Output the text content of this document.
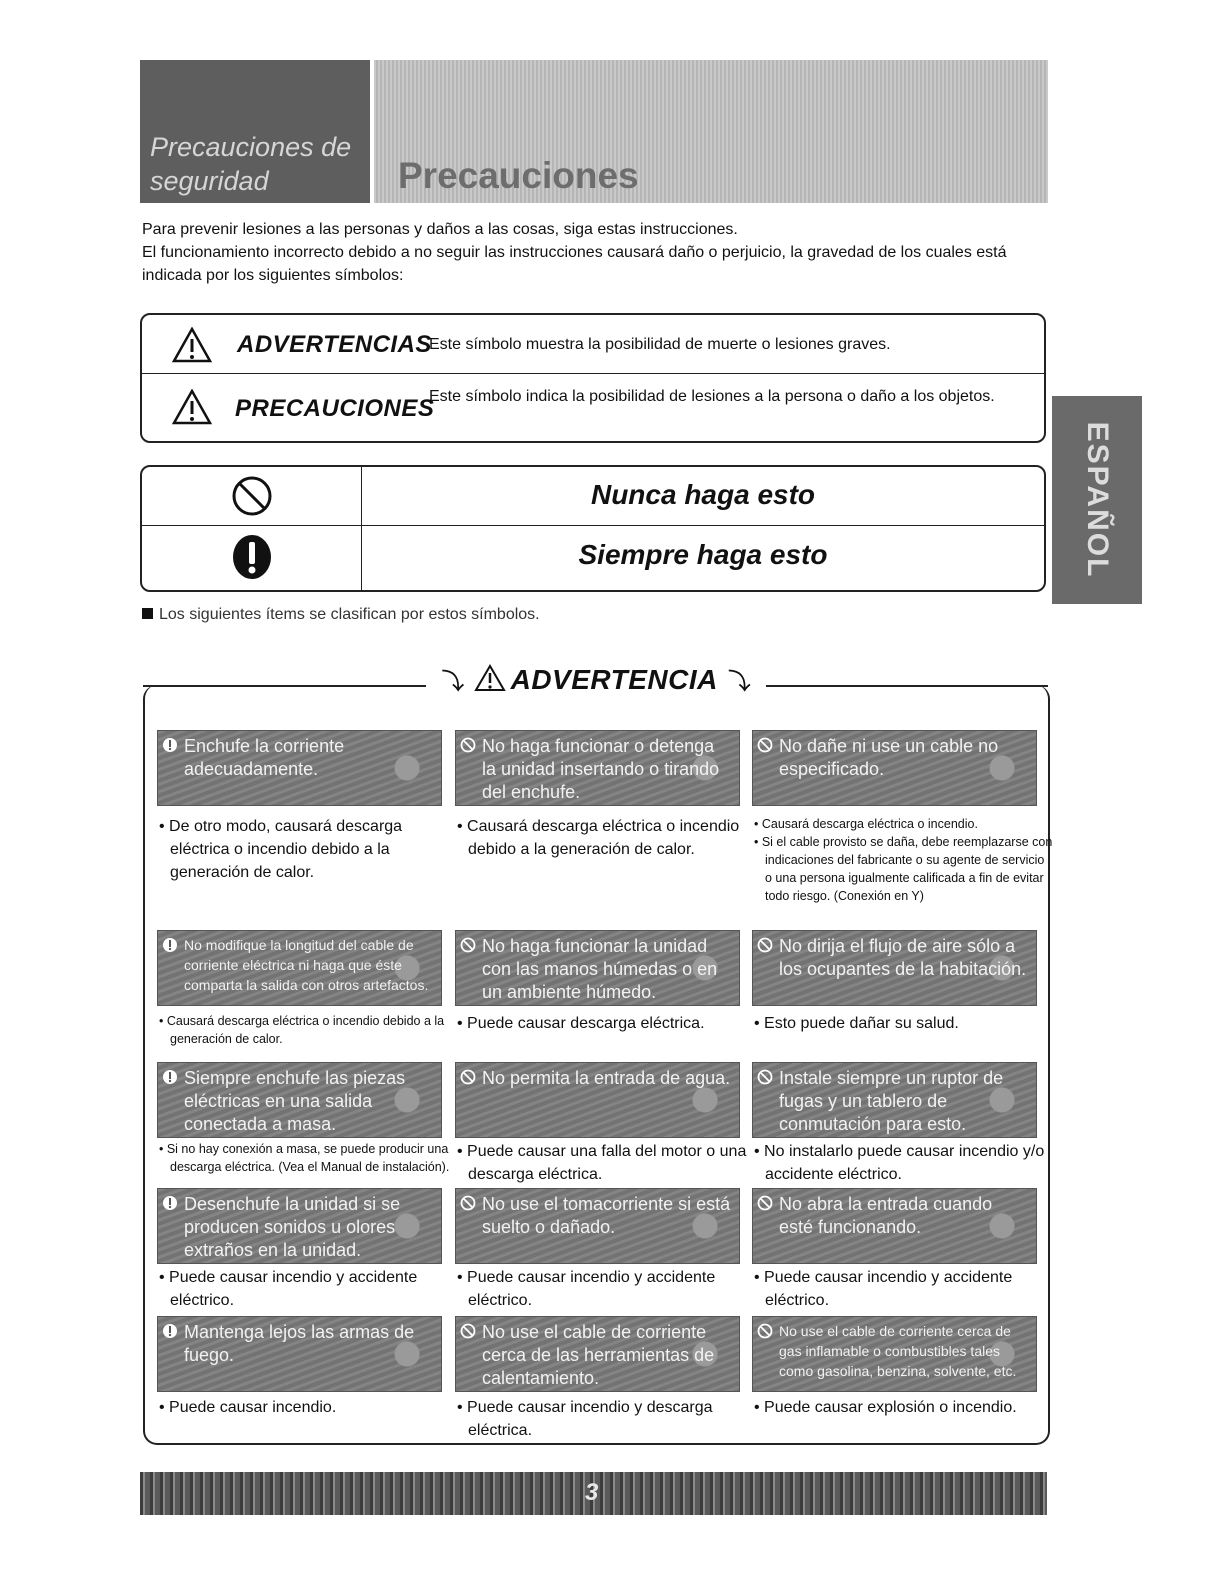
Precauciones de
seguridad	Precauciones
Para prevenir lesiones a las personas y daños a las cosas, siga estas instrucciones.
El funcionamiento incorrecto debido a no seguir las instrucciones causará daño o perjuicio, la gravedad de los cuales está indicada por los siguientes símbolos:
ADVERTENCIAS
Este símbolo muestra la posibilidad de muerte o lesiones graves.
PRECAUCIONES
Este símbolo indica la posibilidad de lesiones a la persona o daño a los objetos.
Nunca haga esto
Siempre haga esto	ESPAÑOL
Los siguientes ítems se clasifican por estos símbolos.
⤵ ADVERTENCIA ⤵
Enchufe la corriente adecuadamente.
• De otro modo, causará descarga eléctrica o incendio debido a la generación de calor.
No haga funcionar o detenga la unidad insertando o tirando del enchufe.
• Causará descarga eléctrica o incendio debido a la generación de calor.
No dañe ni use un cable no especificado.
• Causará descarga eléctrica o incendio.
• Si el cable provisto se daña, debe reemplazarse con indicaciones del fabricante o su agente de servicio o una persona igualmente calificada a fin de evitar todo riesgo. (Conexión en Y)
No modifique la longitud del cable de corriente eléctrica ni haga que éste comparta la salida con otros artefactos.
• Causará descarga eléctrica o incendio debido a la generación de calor.
No haga funcionar la unidad con las manos húmedas o en un ambiente húmedo.
• Puede causar descarga eléctrica.
No dirija el flujo de aire sólo a los ocupantes de la habitación.
• Esto puede dañar su salud.
Siempre enchufe las piezas eléctricas en una salida conectada a masa.
• Si no hay conexión a masa, se puede producir una descarga eléctrica. (Vea el Manual de instalación).
No permita la entrada de agua.
• Puede causar una falla del motor o una descarga eléctrica.
Instale siempre un ruptor de fugas y un tablero de conmutación para esto.
• No instalarlo puede causar incendio y/o accidente eléctrico.
Desenchufe la unidad si se producen sonidos u olores extraños en la unidad.
• Puede causar incendio y accidente eléctrico.
No use el tomacorriente si está suelto o dañado.
• Puede causar incendio y accidente eléctrico.
No abra la entrada cuando esté funcionando.
• Puede causar incendio y accidente eléctrico.
Mantenga lejos las armas de fuego.
• Puede causar incendio.
No use el cable de corriente cerca de las herramientas de calentamiento.
• Puede causar incendio y descarga eléctrica.
No use el cable de corriente cerca de gas inflamable o combustibles tales como gasolina, benzina, solvente, etc.
• Puede causar explosión o incendio.
3
